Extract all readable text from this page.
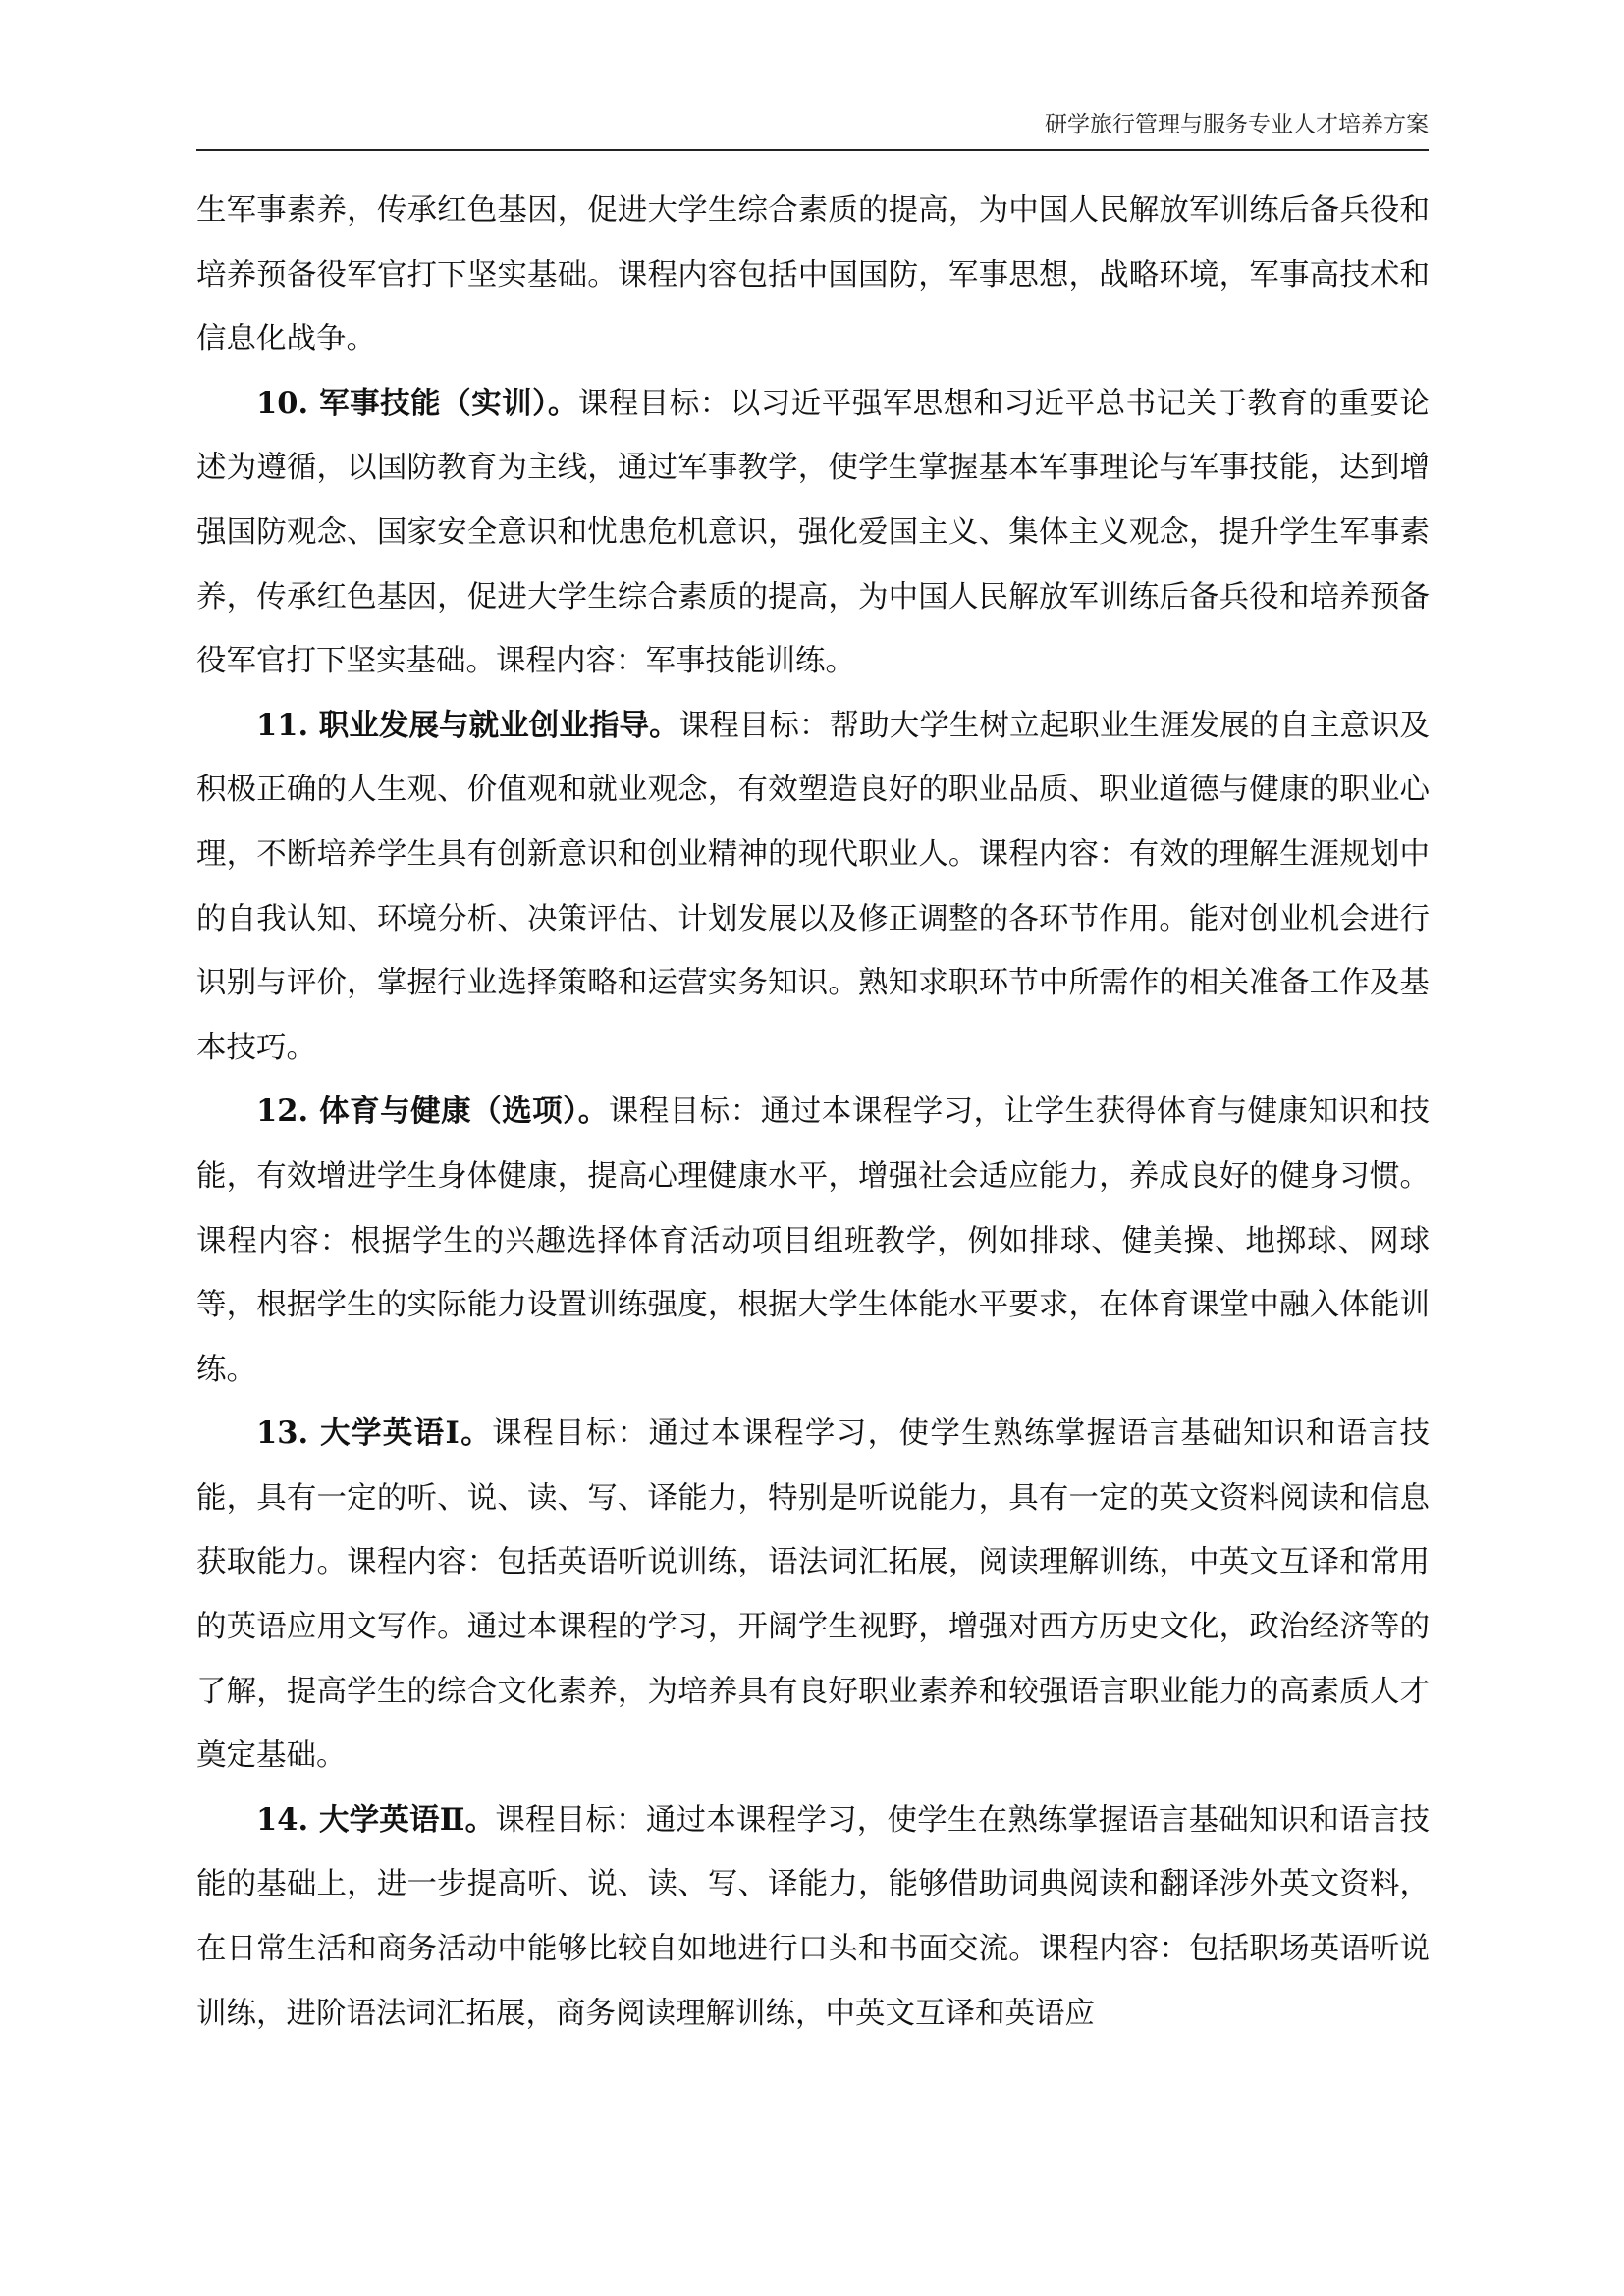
研学旅行管理与服务专业人才培养方案

生军事素养，传承红色基因，促进大学生综合素质的提高，为中国人民解放军训练后备兵役和培养预备役军官打下坚实基础。课程内容包括中国国防，军事思想，战略环境，军事高技术和信息化战争。

10. 军事技能（实训）。课程目标：以习近平强军思想和习近平总书记关于教育的重要论述为遵循，以国防教育为主线，通过军事教学，使学生掌握基本军事理论与军事技能，达到增强国防观念、国家安全意识和忧患危机意识，强化爱国主义、集体主义观念，提升学生军事素养，传承红色基因，促进大学生综合素质的提高，为中国人民解放军训练后备兵役和培养预备役军官打下坚实基础。课程内容：军事技能训练。

11. 职业发展与就业创业指导。课程目标：帮助大学生树立起职业生涯发展的自主意识及积极正确的人生观、价值观和就业观念，有效塑造良好的职业品质、职业道德与健康的职业心理，不断培养学生具有创新意识和创业精神的现代职业人。课程内容：有效的理解生涯规划中的自我认知、环境分析、决策评估、计划发展以及修正调整的各环节作用。能对创业机会进行识别与评价，掌握行业选择策略和运营实务知识。熟知求职环节中所需作的相关准备工作及基本技巧。

12. 体育与健康（选项）。课程目标：通过本课程学习，让学生获得体育与健康知识和技能，有效增进学生身体健康，提高心理健康水平，增强社会适应能力，养成良好的健身习惯。课程内容：根据学生的兴趣选择体育活动项目组班教学，例如排球、健美操、地掷球、网球等，根据学生的实际能力设置训练强度，根据大学生体能水平要求，在体育课堂中融入体能训练。

13. 大学英语Ⅰ。课程目标：通过本课程学习，使学生熟练掌握语言基础知识和语言技能，具有一定的听、说、读、写、译能力，特别是听说能力，具有一定的英文资料阅读和信息获取能力。课程内容：包括英语听说训练，语法词汇拓展，阅读理解训练，中英文互译和常用的英语应用文写作。通过本课程的学习，开阔学生视野，增强对西方历史文化，政治经济等的了解，提高学生的综合文化素养，为培养具有良好职业素养和较强语言职业能力的高素质人才奠定基础。

14. 大学英语Ⅱ。课程目标：通过本课程学习，使学生在熟练掌握语言基础知识和语言技能的基础上，进一步提高听、说、读、写、译能力，能够借助词典阅读和翻译涉外英文资料，在日常生活和商务活动中能够比较自如地进行口头和书面交流。课程内容：包括职场英语听说训练，进阶语法词汇拓展，商务阅读理解训练，中英文互译和英语应
